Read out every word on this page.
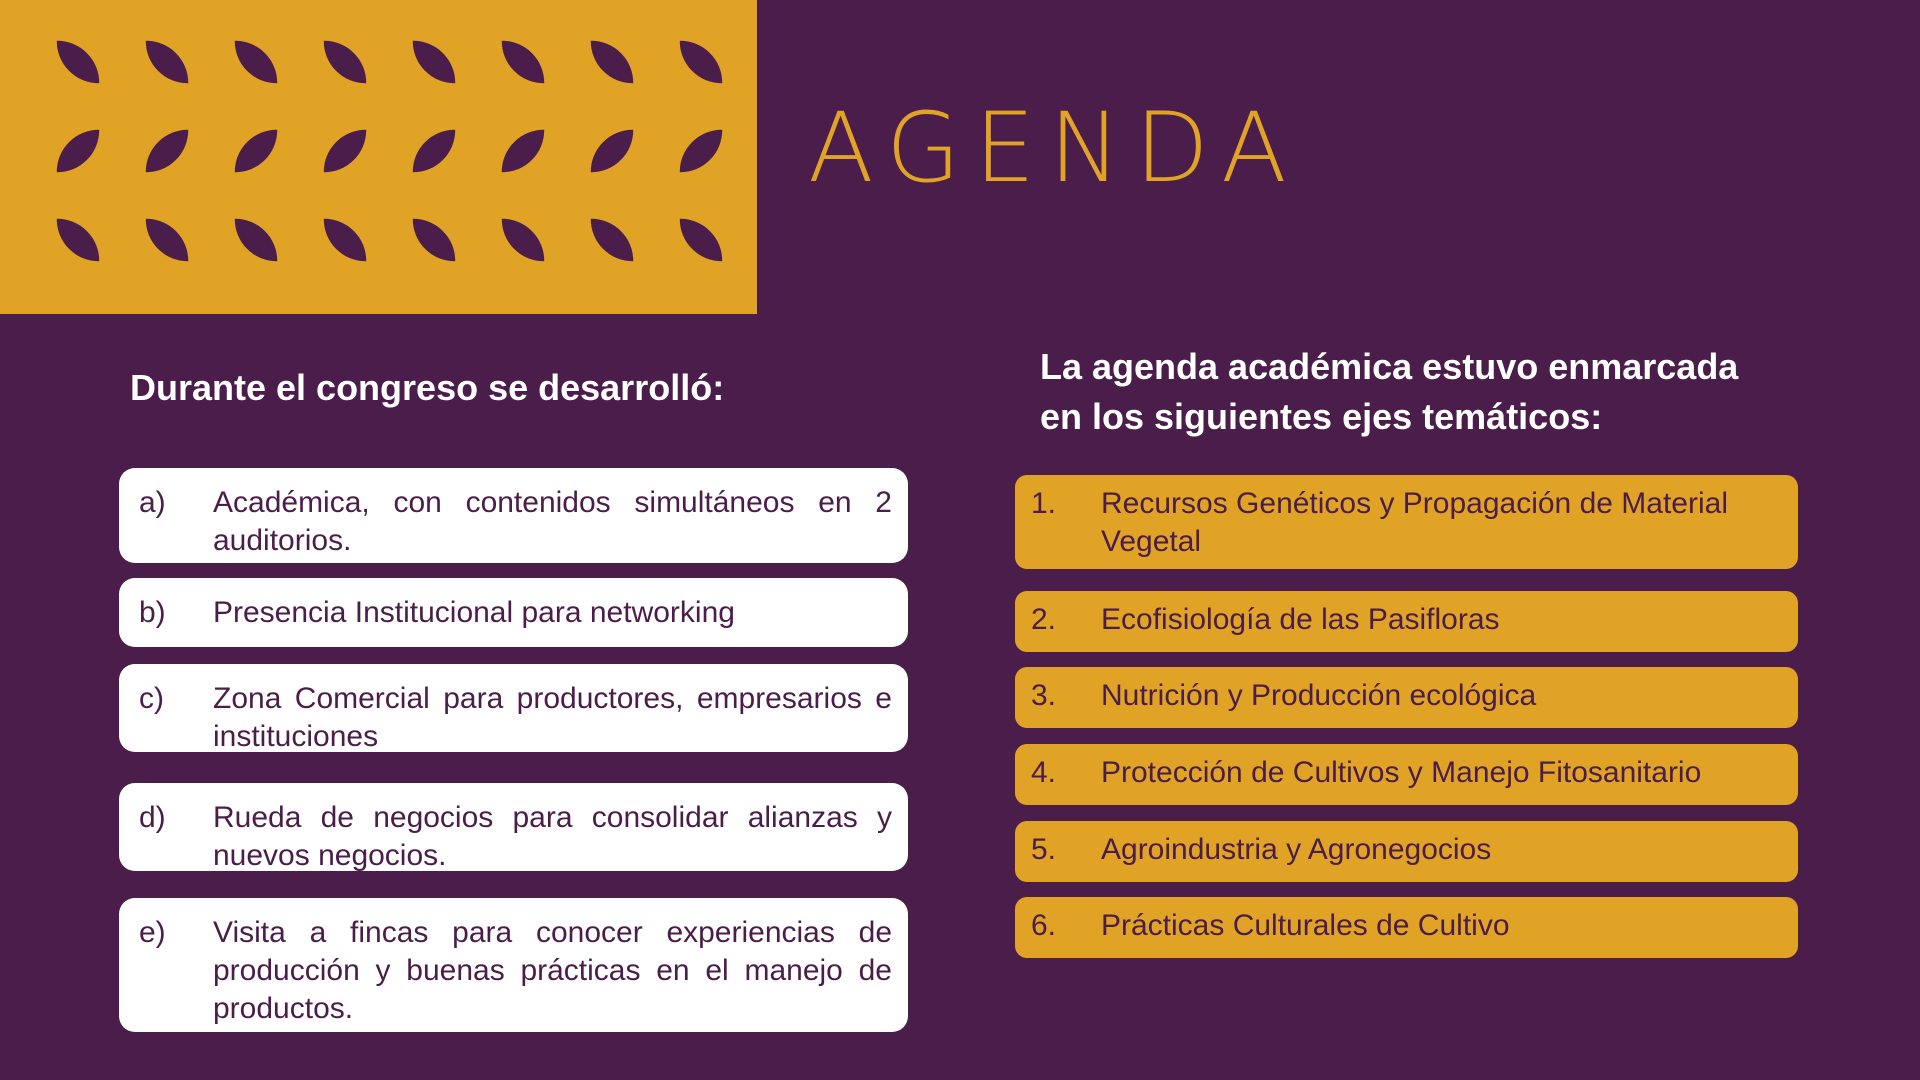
AGENDA
Durante el congreso se desarrolló:
La agenda académica estuvo enmarcada
en los siguientes ejes temáticos:
a)	Académica, con contenidos simultáneos en 2 auditorios.
b)	Presencia Institucional para networking
c)	Zona Comercial para productores, empresarios e instituciones
d)	Rueda de negocios para consolidar alianzas y nuevos negocios.
e)	Visita a fincas para conocer experiencias de producción y buenas prácticas en el manejo de productos.
1.	Recursos Genéticos y Propagación de Material Vegetal
2.	Ecofisiología de las Pasifloras
3.	Nutrición y Producción ecológica
4.	Protección de Cultivos y Manejo Fitosanitario
5.	Agroindustria y Agronegocios
6.	Prácticas Culturales de Cultivo
